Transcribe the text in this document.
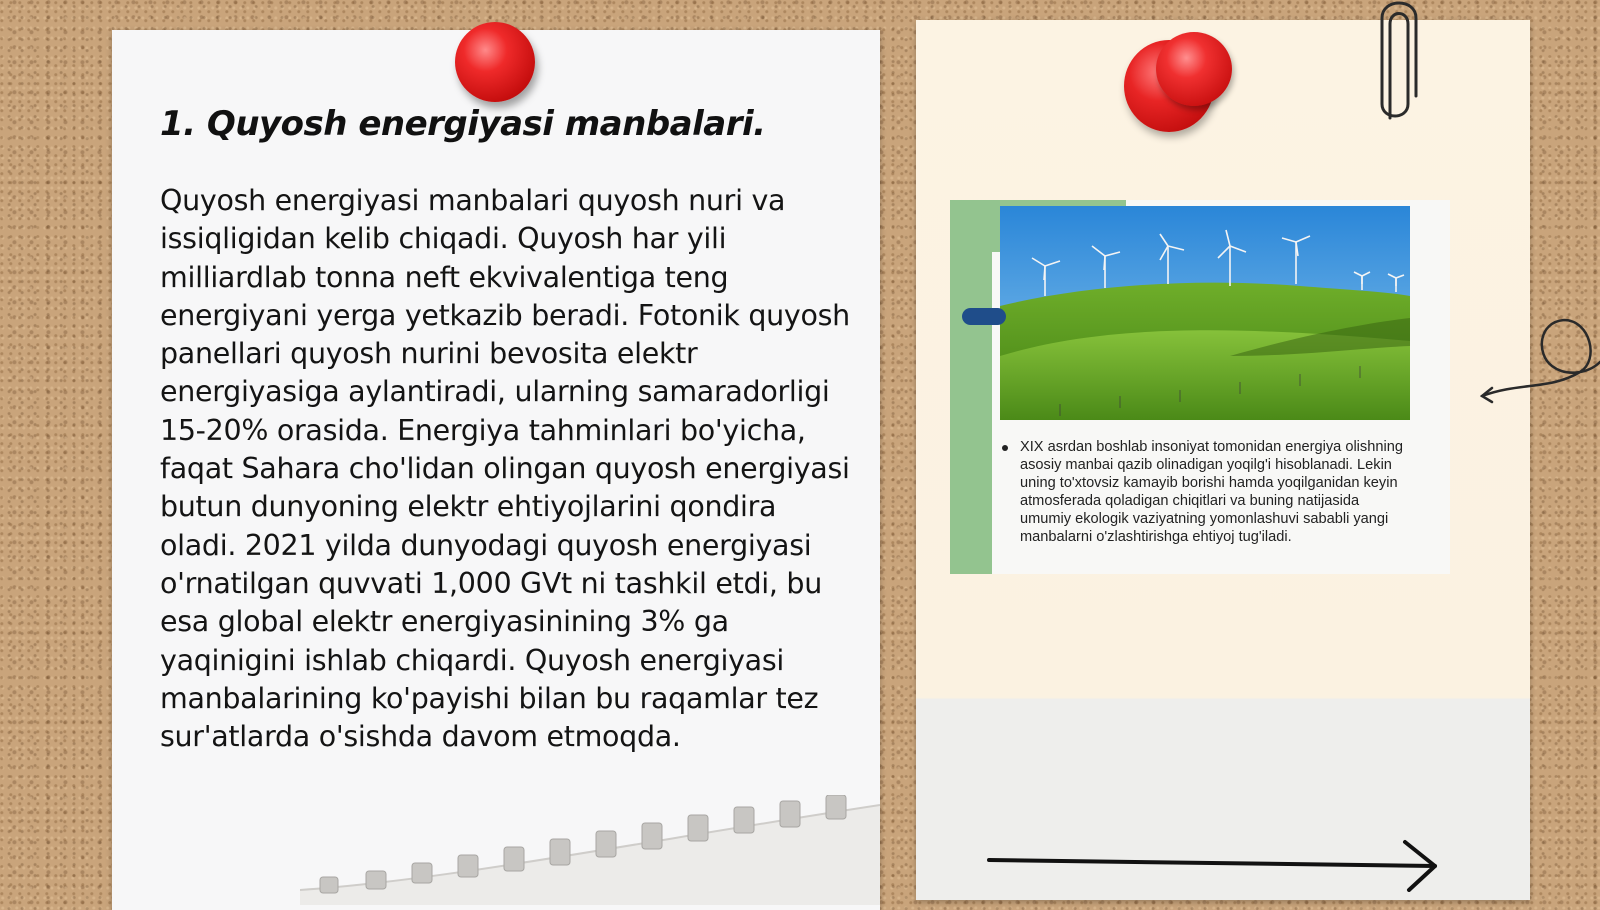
1. Quyosh energiyasi manbalari.

Quyosh energiyasi manbalari quyosh nuri va issiqligidan kelib chiqadi. Quyosh har yili milliardlab tonna neft ekvivalentiga teng energiyani yerga yetkazib beradi. Fotonik quyosh panellari quyosh nurini bevosita elektr energiyasiga aylantiradi, ularning samaradorligi 15-20% orasida. Energiya tahminlari bo'yicha, faqat Sahara cho'lidan olingan quyosh energiyasi butun dunyoning elektr ehtiyojlarini qondira oladi. 2021 yilda dunyodagi quyosh energiyasi o'rnatilgan quvvati 1,000 GVt ni tashkil etdi, bu esa global elektr energiyasinining 3% ga yaqinigini ishlab chiqardi. Quyosh energiyasi manbalarining ko'payishi bilan bu raqamlar tez sur'atlarda o'sishda davom etmoqda.

XIX asrdan boshlab insoniyat tomonidan energiya olishning asosiy manbai qazib olinadigan yoqilg'i hisoblanadi. Lekin uning to'xtovsiz kamayib borishi hamda yoqilganidan keyin atmosferada qoladigan chiqitlari va buning natijasida umumiy ekologik vaziyatning yomonlashuvi sababli yangi manbalarni o'zlashtirishga ehtiyoj tug'iladi.
